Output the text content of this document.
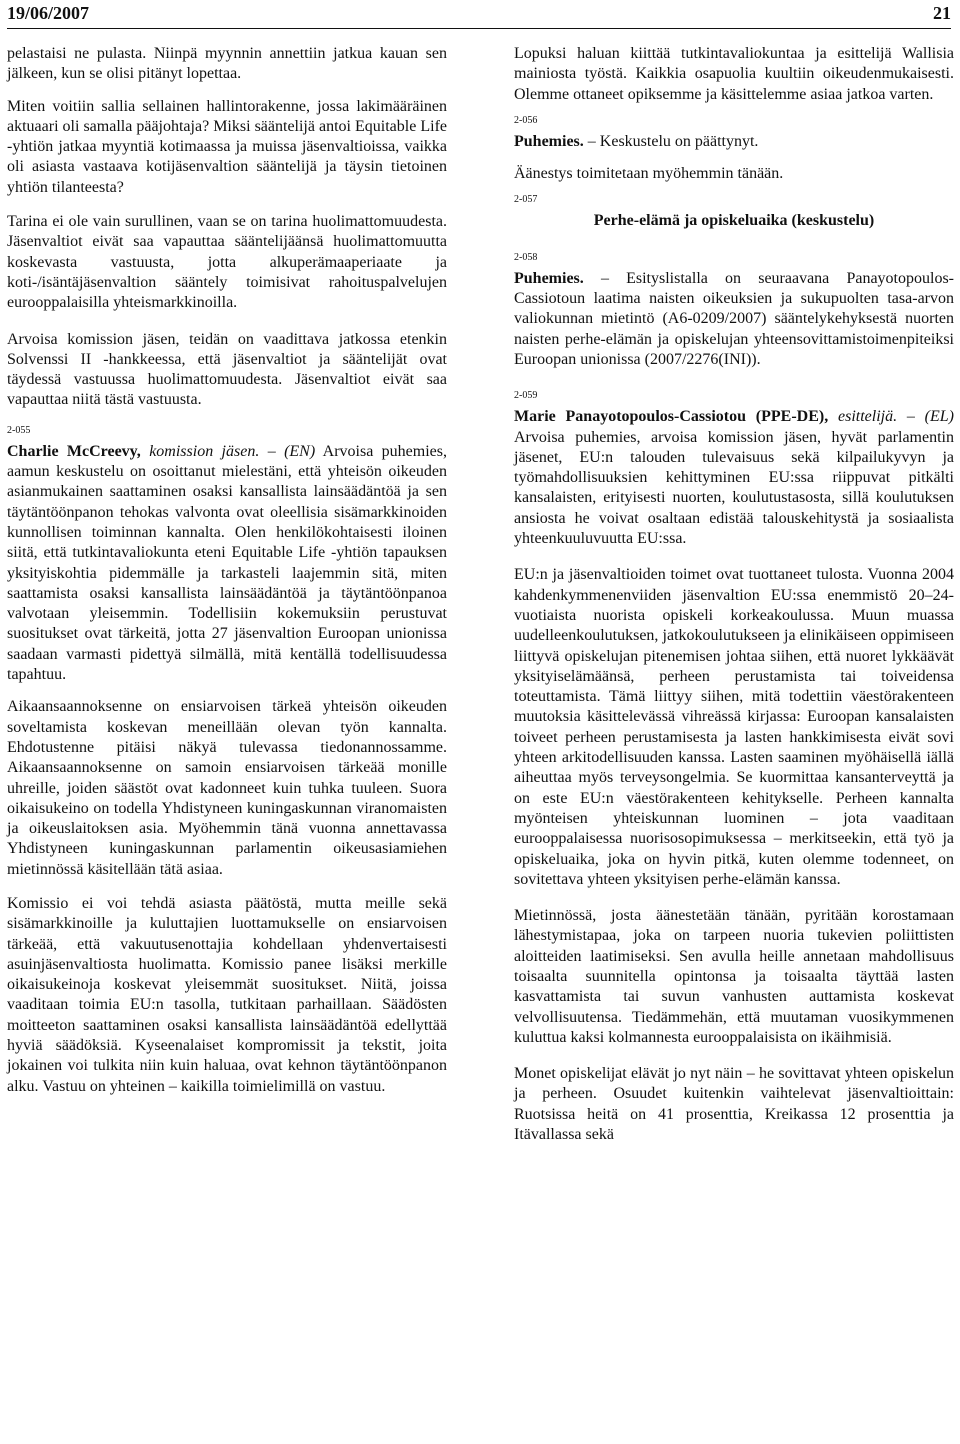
19/06/2007	21

pelastaisi ne pulasta. Niinpä myynnin annettiin jatkua kauan sen jälkeen, kun se olisi pitänyt lopettaa.

Miten voitiin sallia sellainen hallintorakenne, jossa lakimääräinen aktuaari oli samalla pääjohtaja? Miksi sääntelijä antoi Equitable Life -yhtiön jatkaa myyntiä kotimaassa ja muissa jäsenvaltioissa, vaikka oli asiasta vastaava kotijäsenvaltion sääntelijä ja täysin tietoinen yhtiön tilanteesta?

Tarina ei ole vain surullinen, vaan se on tarina huolimattomuudesta. Jäsenvaltiot eivät saa vapauttaa sääntelijäänsä huolimattomuutta koskevasta vastuusta, jotta alkuperämaaperiaate ja koti-/isäntäjäsenvaltion sääntely toimisivat rahoituspalvelujen eurooppalaisilla yhteismarkkinoilla.

Arvoisa komission jäsen, teidän on vaadittava jatkossa etenkin Solvenssi II -hankkeessa, että jäsenvaltiot ja sääntelijät ovat täydessä vastuussa huolimattomuudesta. Jäsenvaltiot eivät saa vapauttaa niitä tästä vastuusta.

2-055

Charlie McCreevy, komission jäsen. – (EN) Arvoisa puhemies, aamun keskustelu on osoittanut mielestäni, että yhteisön oikeuden asianmukainen saattaminen osaksi kansallista lainsäädäntöä ja sen täytäntöönpanon tehokas valvonta ovat oleellisia sisämarkkinoiden kunnollisen toiminnan kannalta. Olen henkilökohtaisesti iloinen siitä, että tutkintavaliokunta eteni Equitable Life -yhtiön tapauksen yksityiskohtia pidemmälle ja tarkasteli laajemmin sitä, miten saattamista osaksi kansallista lainsäädäntöä ja täytäntöönpanoa valvotaan yleisemmin. Todellisiin kokemuksiin perustuvat suositukset ovat tärkeitä, jotta 27 jäsenvaltion Euroopan unionissa saadaan varmasti pidettyä silmällä, mitä kentällä todellisuudessa tapahtuu.

Aikaansaannoksenne on ensiarvoisen tärkeä yhteisön oikeuden soveltamista koskevan meneillään olevan työn kannalta. Ehdotustenne pitäisi näkyä tulevassa tiedonannossamme. Aikaansaannoksenne on samoin ensiarvoisen tärkeää monille uhreille, joiden säästöt ovat kadonneet kuin tuhka tuuleen. Suora oikaisukeino on todella Yhdistyneen kuningaskunnan viranomaisten ja oikeuslaitoksen asia. Myöhemmin tänä vuonna annettavassa Yhdistyneen kuningaskunnan parlamentin oikeusasiamiehen mietinnössä käsitellään tätä asiaa.

Komissio ei voi tehdä asiasta päätöstä, mutta meille sekä sisämarkkinoille ja kuluttajien luottamukselle on ensiarvoisen tärkeää, että vakuutusenottajia kohdellaan yhdenvertaisesti asuinjäsenvaltiosta huolimatta. Komissio panee lisäksi merkille oikaisukeinoja koskevat yleisemmät suositukset. Niitä, joissa vaaditaan toimia EU:n tasolla, tutkitaan parhaillaan. Säädösten moitteeton saattaminen osaksi kansallista lainsäädäntöä edellyttää hyviä säädöksiä. Kyseenalaiset kompromissit ja tekstit, joita jokainen voi tulkita niin kuin haluaa, ovat kehnon täytäntöönpanon alku. Vastuu on yhteinen – kaikilla toimielimillä on vastuu.

Lopuksi haluan kiittää tutkintavaliokuntaa ja esittelijä Wallisia mainiosta työstä. Kaikkia osapuolia kuultiin oikeudenmukaisesti. Olemme ottaneet opiksemme ja käsittelemme asiaa jatkoa varten.

2-056

Puhemies. – Keskustelu on päättynyt.

Äänestys toimitetaan myöhemmin tänään.

2-057
Perhe-elämä ja opiskeluaika (keskustelu)
2-058

Puhemies. – Esityslistalla on seuraavana Panayotopoulos-Cassiotoun laatima naisten oikeuksien ja sukupuolten tasa-arvon valiokunnan mietintö (A6-0209/2007) sääntelykehyksestä nuorten naisten perhe-elämän ja opiskelujan yhteensovittamistoimenpiteiksi Euroopan unionissa (2007/2276(INI)).

2-059

Marie Panayotopoulos-Cassiotou (PPE-DE), esittelijä. – (EL) Arvoisa puhemies, arvoisa komission jäsen, hyvät parlamentin jäsenet, EU:n talouden tulevaisuus sekä kilpailukyvyn ja työmahdollisuuksien kehittyminen EU:ssa riippuvat pitkälti kansalaisten, erityisesti nuorten, koulutustasosta, sillä koulutuksen ansiosta he voivat osaltaan edistää talouskehitystä ja sosiaalista yhteenkuuluvuutta EU:ssa.

EU:n ja jäsenvaltioiden toimet ovat tuottaneet tulosta. Vuonna 2004 kahdenkymmenenviiden jäsenvaltion EU:ssa enemmistö 20–24-vuotiaista nuorista opiskeli korkeakoulussa. Muun muassa uudelleenkoulutuksen, jatkokoulutukseen ja elinikäiseen oppimiseen liittyvä opiskelujan pitenemisen johtaa siihen, että nuoret lykkäävät yksityiselämäänsä, perheen perustamista tai toiveidensa toteuttamista. Tämä liittyy siihen, mitä todettiin väestörakenteen muutoksia käsittelevässä vihreässä kirjassa: Euroopan kansalaisten toiveet perheen perustamisesta ja lasten hankkimisesta eivät sovi yhteen arkitodellisuuden kanssa. Lasten saaminen myöhäisellä iällä aiheuttaa myös terveysongelmia. Se kuormittaa kansanterveyttä ja on este EU:n väestörakenteen kehitykselle. Perheen kannalta myönteisen yhteiskunnan luominen – jota vaaditaan eurooppalaisessa nuorisosopimuksessa – merkitseekin, että työ ja opiskeluaika, joka on hyvin pitkä, kuten olemme todenneet, on sovitettava yhteen yksityisen perhe-elämän kanssa.

Mietinnössä, josta äänestetään tänään, pyritään korostamaan lähestymistapaa, joka on tarpeen nuoria tukevien poliittisten aloitteiden laatimiseksi. Sen avulla heille annetaan mahdollisuus toisaalta suunnitella opintonsa ja toisaalta täyttää lasten kasvattamista tai suvun vanhusten auttamista koskevat velvollisuutensa. Tiedämmehän, että muutaman vuosikymmenen kuluttua kaksi kolmannesta eurooppalaisista on ikäihmisiä.

Monet opiskelijat elävät jo nyt näin – he sovittavat yhteen opiskelun ja perheen. Osuudet kuitenkin vaihtelevat jäsenvaltioittain: Ruotsissa heitä on 41 prosenttia, Kreikassa 12 prosenttia ja Itävallassa sekä
